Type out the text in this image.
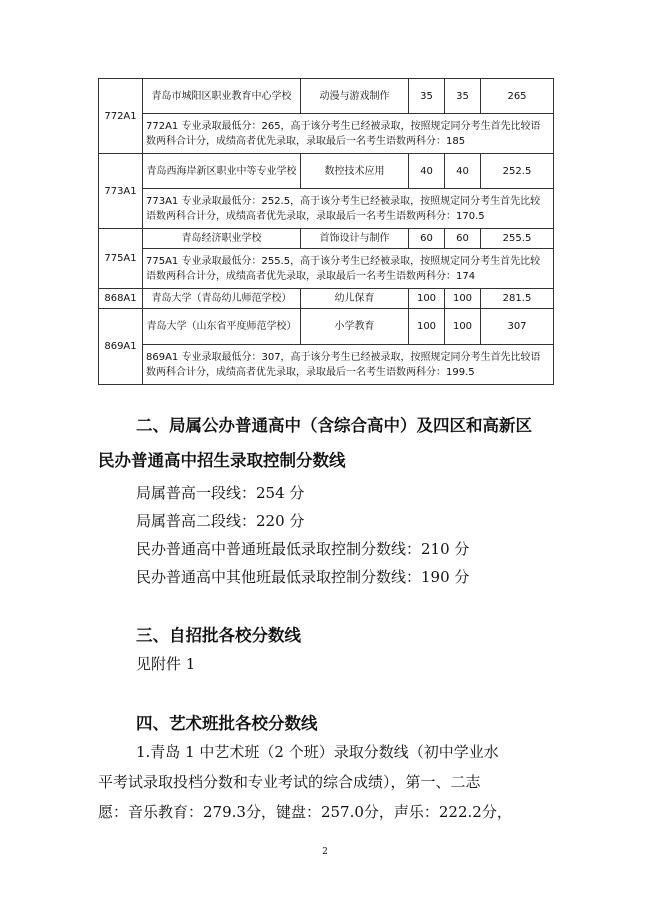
772A1	青岛市城阳区职业教育中心学校	动漫与游戏制作	35	35	265
	772A1 专业录取最低分：265，高于该分考生已经被录取，按照规定同分考生首先比较语数两科合计分，成绩高者优先录取，录取最后一名考生语数两科分：185				
773A1	青岛西海岸新区职业中等专业学校	数控技术应用	40	40	252.5
	773A1 专业录取最低分：252.5，高于该分考生已经被录取，按照规定同分考生首先比较语数两科合计分，成绩高者优先录取，录取最后一名考生语数两科分：170.5				
775A1	青岛经济职业学校	首饰设计与制作	60	60	255.5
	775A1 专业录取最低分：255.5，高于该分考生已经被录取，按照规定同分考生首先比较语数两科合计分，成绩高者优先录取，录取最后一名考生语数两科分：174				
868A1	青岛大学（青岛幼儿师范学校）	幼儿保育	100	100	281.5
869A1	青岛大学（山东省平度师范学校）	小学教育	100	100	307
	869A1 专业录取最低分：307，高于该分考生已经被录取，按照规定同分考生首先比较语数两科合计分，成绩高者优先录取，录取最后一名考生语数两科分：199.5				
二、局属公办普通高中（含综合高中）及四区和高新区
民办普通高中招生录取控制分数线
局属普高一段线：254 分
局属普高二段线：220 分
民办普通高中普通班最低录取控制分数线：210 分
民办普通高中其他班最低录取控制分数线：190 分
三、自招批各校分数线
见附件 1
四、艺术班批各校分数线
1.青岛 1 中艺术班（2 个班）录取分数线（初中学业水
平考试录取投档分数和专业考试的综合成绩），第一、二志
愿：音乐教育：279.3分，键盘：257.0分，声乐：222.2分，
2
